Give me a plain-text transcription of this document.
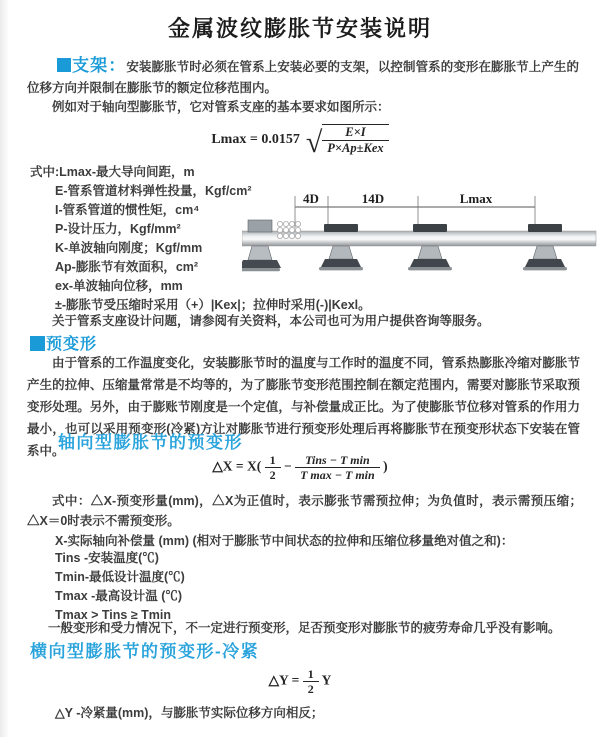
金属波纹膨胀节安装说明

支架：安装膨胀节时必须在管系上安装必要的支架，以控制管系的变形在膨胀节上产生的位移方向并限制在膨胀节的额定位移范围内。

例如对于轴向型膨胀节，它对管系支座的基本要求如图所示：

Lmax = 0.0157 √ $\frac{E\times I}{\text{P×Ap±Kex}}$
式中:Lmax-最大导向间距，m
E-管系管道材料弹性投量，Kgf/cm²
I-管系管道的惯性矩，cm⁴
P-设计压力，Kgf/mm²
K-单波轴向刚度；Kgf/mm
Ap-膨胀节有效面积，cm²
ex-单波轴向位移，mm
±-膨胀节受压缩时采用（+）|Kex|；拉伸时采用(-)|Kexl。

关于管系支座设计问题，请参阅有关资料，本公司也可为用户提供咨询等服务。

4D	14D	Lmax
预变形

由于管系的工作温度变化，安装膨胀节时的温度与工作时的温度不同，管系热膨胀冷缩对膨胀节产生的拉伸、压缩量常常是不均等的，为了膨胀节变形范围控制在额定范围内，需要对膨胀节采取预变形处理。另外，由于膨账节刚度是一个定值，与补偿量成正比。为了使膨胀节位移对管系的作用力最小，也可以采用预变形(冷紧)方让对膨胀节进行预变形处理后再将膨胀节在预变形状态下安装在管系中。

轴向型膨胀节的预变形
△X = $X( \frac{1}{2} - \frac{\text{Tins − T min}}{\text{T max − T min}}$ )

式中：△X-预变形量(mm)，△X为正值时，表示膨张节需预拉伸；为负值时，表示需预压缩；△X＝0时表示不需预变形。

X-实际轴向补偿量 (mm) (相对于膨胀节中间状态的拉伸和压缩位移量绝对值之和)：

Tins -安装温度(℃)
Tmin-最低设计温度(℃)
Tmax -最高设计温 (℃)
Tmax > Tins ≥ Tmin

一般变形和受力情况下，不一定进行预变形，足否预变形对膨胀节的疲劳寿命几乎没有影响。

横向型膨胀节的预变形-冷紧
△Y = $\frac{1}{2}$ Y

△Y -冷紧量(mm)，与膨胀节实际位移方向相反；
